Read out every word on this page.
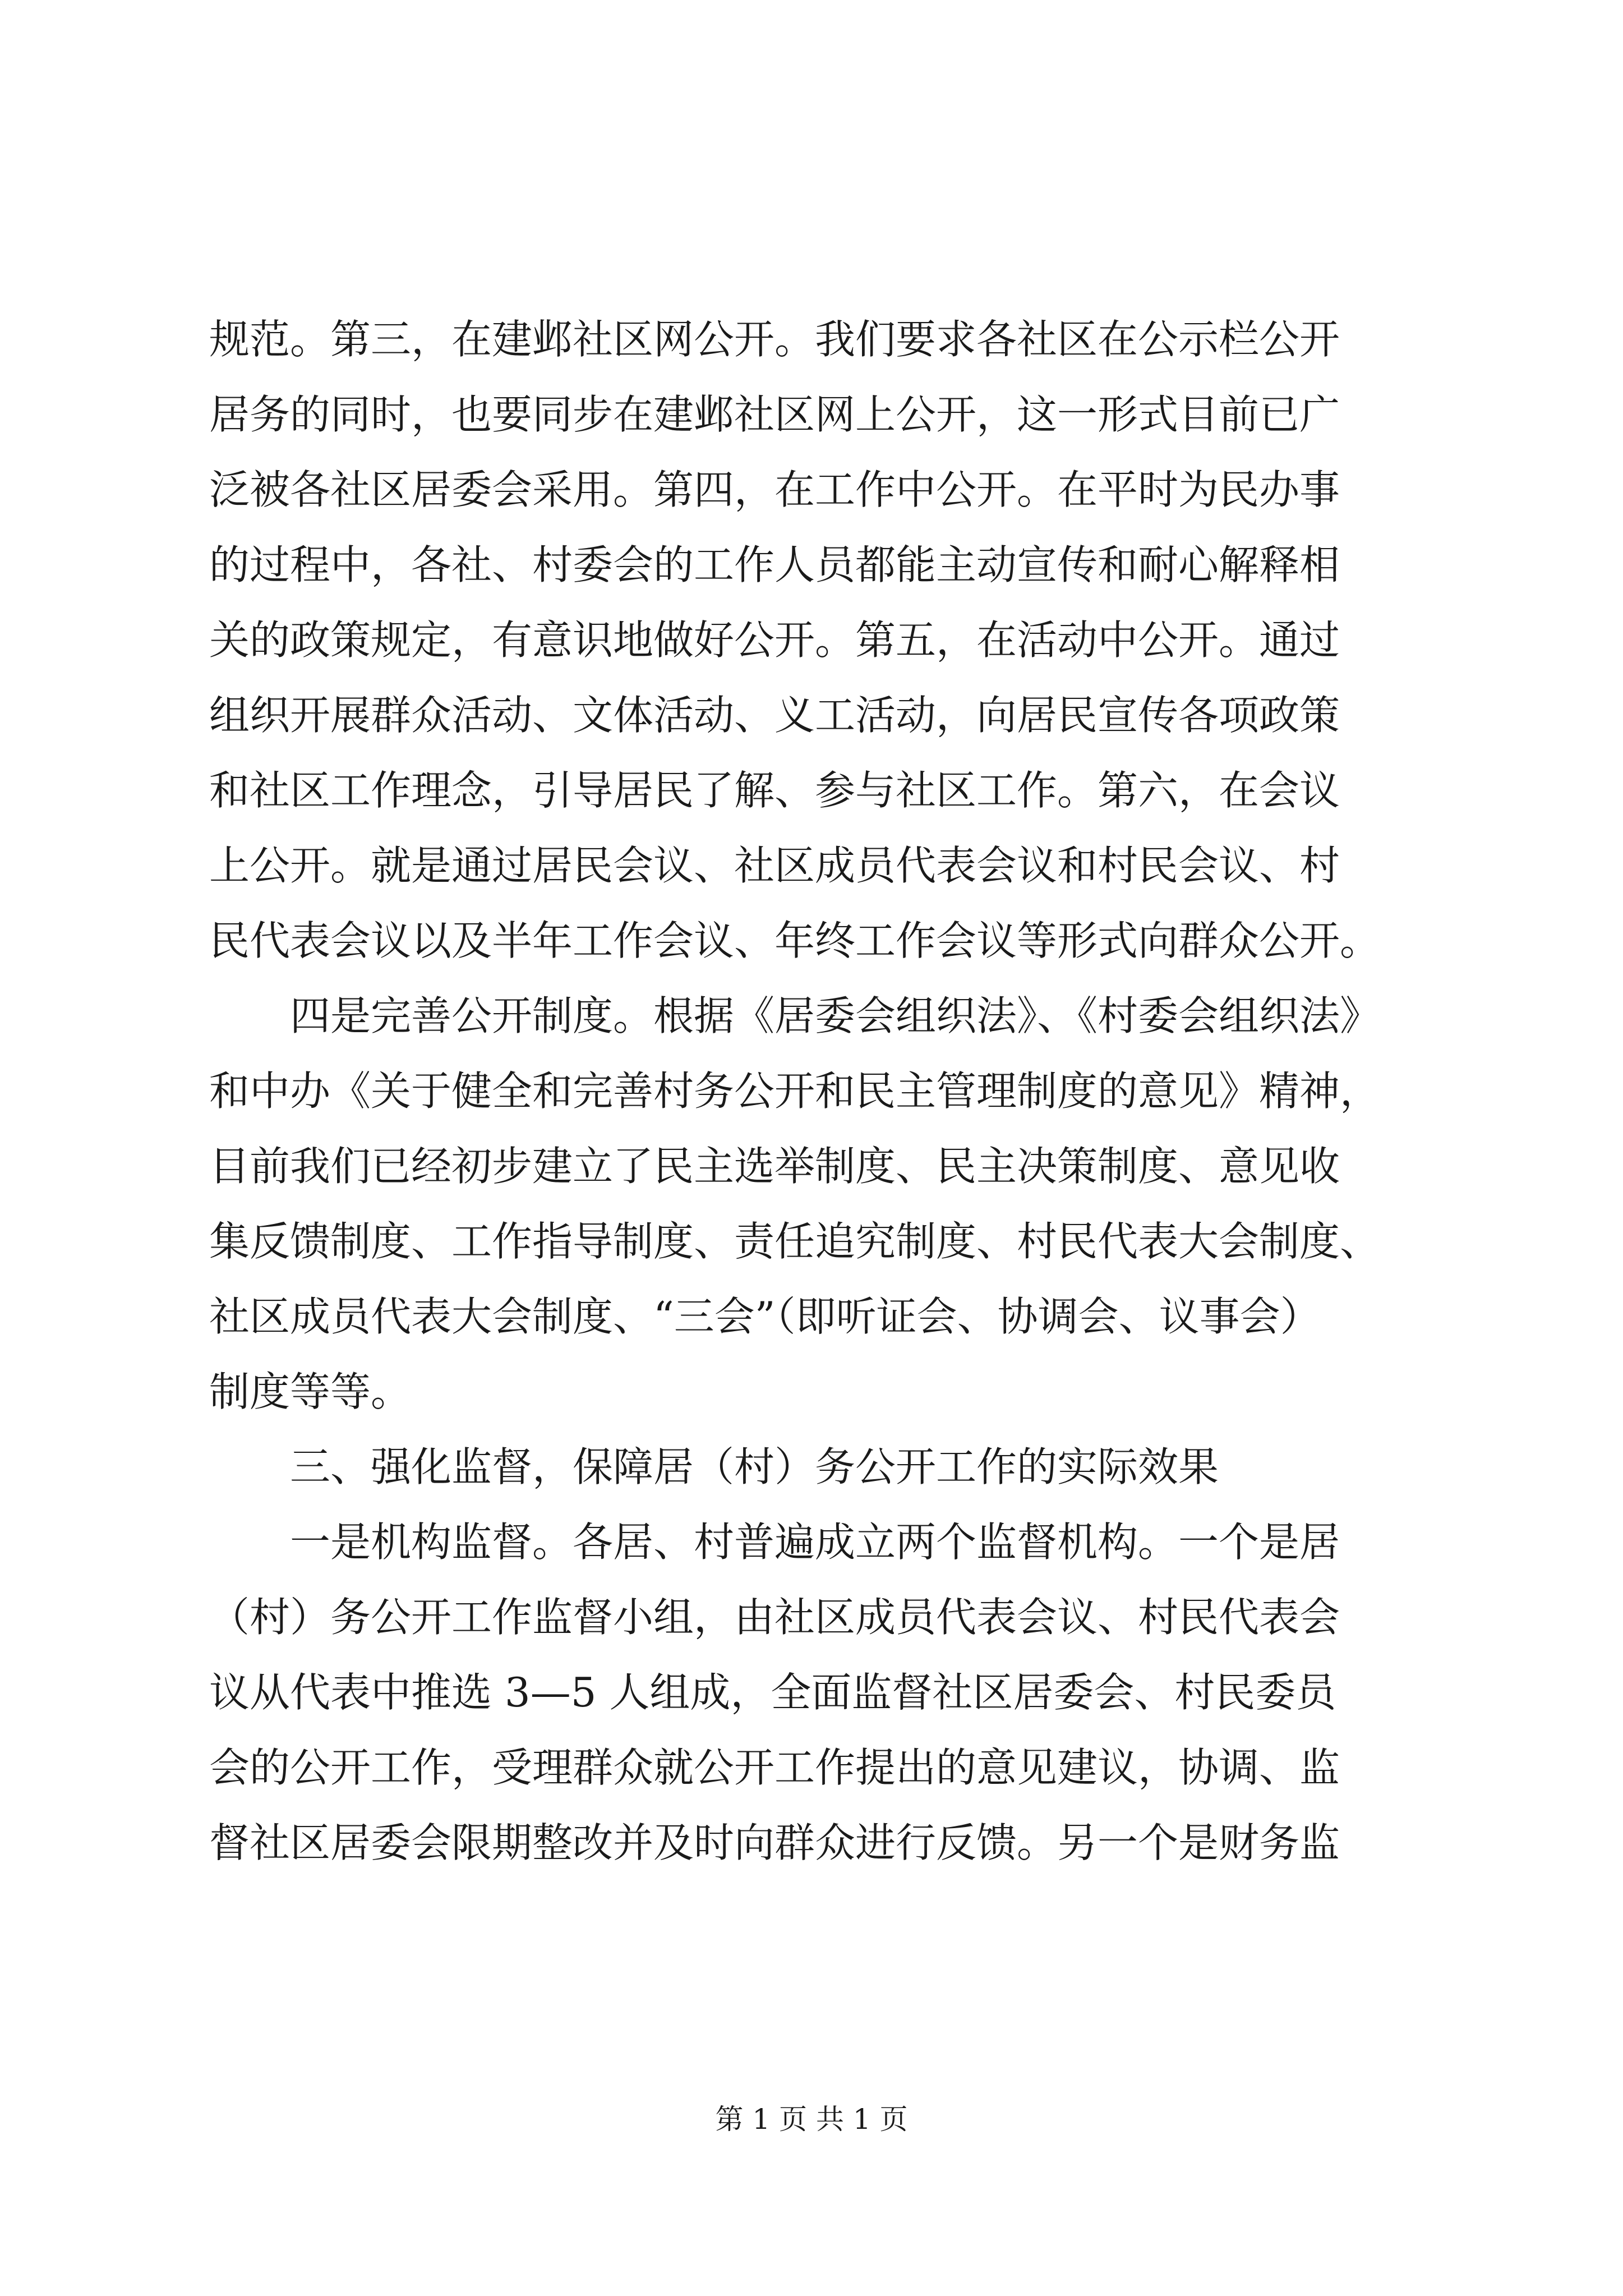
规范。第三，在建邺社区网公开。我们要求各社区在公示栏公开
居务的同时，也要同步在建邺社区网上公开，这一形式目前已广
泛被各社区居委会采用。第四，在工作中公开。在平时为民办事
的过程中，各社、村委会的工作人员都能主动宣传和耐心解释相
关的政策规定，有意识地做好公开。第五，在活动中公开。通过
组织开展群众活动、文体活动、义工活动，向居民宣传各项政策
和社区工作理念，引导居民了解、参与社区工作。第六，在会议
上公开。就是通过居民会议、社区成员代表会议和村民会议、村
民代表会议以及半年工作会议、年终工作会议等形式向群众公开。
　　四是完善公开制度。根据《居委会组织法》、《村委会组织法》
和中办《关于健全和完善村务公开和民主管理制度的意见》精神，
目前我们已经初步建立了民主选举制度、民主决策制度、意见收
集反馈制度、工作指导制度、责任追究制度、村民代表大会制度、
社区成员代表大会制度、“三会”（即听证会、协调会、议事会）
制度等等。
　　三、强化监督，保障居（村）务公开工作的实际效果
　　一是机构监督。各居、村普遍成立两个监督机构。一个是居
（村）务公开工作监督小组，由社区成员代表会议、村民代表会
议从代表中推选 3—5 人组成，全面监督社区居委会、村民委员
会的公开工作，受理群众就公开工作提出的意见建议，协调、监
督社区居委会限期整改并及时向群众进行反馈。另一个是财务监
第 1 页 共 1 页
